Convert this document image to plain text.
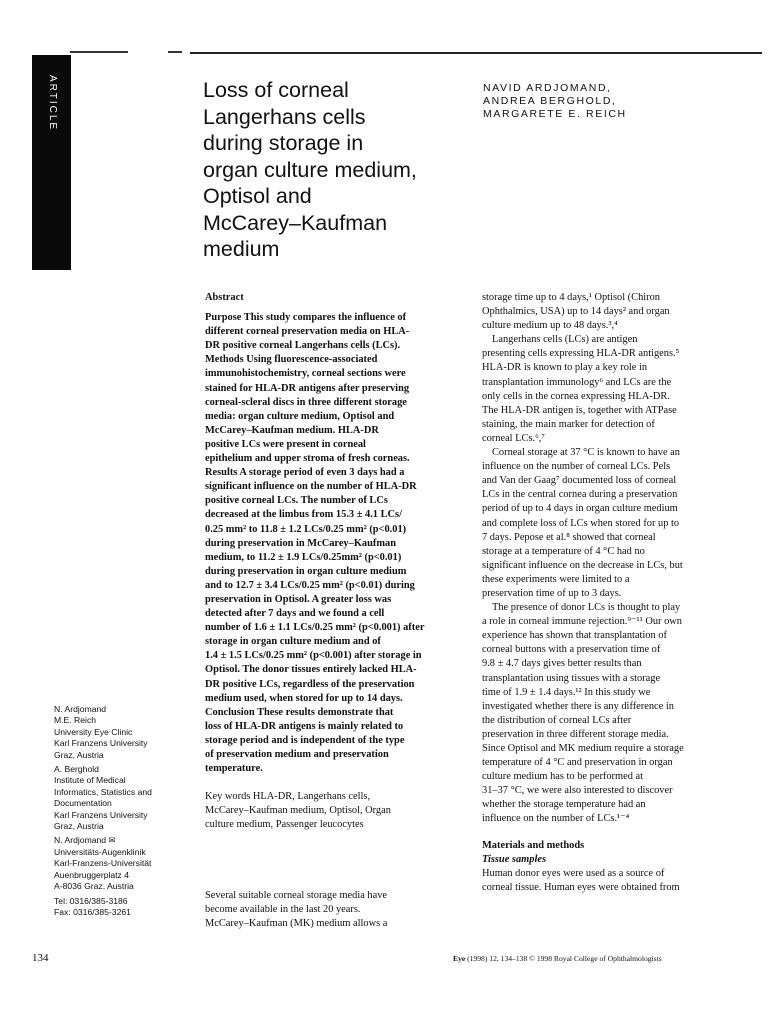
ARTICLE	Loss of corneal
Langerhans cells
during storage in
organ culture medium,
Optisol and
McCarey–Kaufman
medium
NAVID ARDJOMAND,
ANDREA BERGHOLD,
MARGARETE E. REICH
N. Ardjomand
M.E. Reich
University Eye Clinic
Karl Franzens University
Graz, Austria
A. Berghold
Institute of Medical
Informatics, Statistics and
Documentation
Karl Franzens University
Graz, Austria
N. Ardjomand ✉
Universitäts-Augenklinik
Karl-Franzens-Universität
Auenbruggerplatz 4
A-8036 Graz, Austria
Tel: 0316/385-3186
Fax: 0316/385-3261
Abstract
Purpose This study compares the influence of
different corneal preservation media on HLA-
DR positive corneal Langerhans cells (LCs).
Methods Using fluorescence-associated
immunohistochemistry, corneal sections were
stained for HLA-DR antigens after preserving
corneal-scleral discs in three different storage
media: organ culture medium, Optisol and
McCarey–Kaufman medium. HLA-DR
positive LCs were present in corneal
epithelium and upper stroma of fresh corneas.
Results A storage period of even 3 days had a
significant influence on the number of HLA-DR
positive corneal LCs. The number of LCs
decreased at the limbus from 15.3 ± 4.1 LCs/
0.25 mm² to 11.8 ± 1.2 LCs/0.25 mm² (p<0.01)
during preservation in McCarey–Kaufman
medium, to 11.2 ± 1.9 LCs/0.25mm² (p<0.01)
during preservation in organ culture medium
and to 12.7 ± 3.4 LCs/0.25 mm² (p<0.01) during
preservation in Optisol. A greater loss was
detected after 7 days and we found a cell
number of 1.6 ± 1.1 LCs/0.25 mm² (p<0.001) after
storage in organ culture medium and of
1.4 ± 1.5 LCs/0.25 mm² (p<0.001) after storage in
Optisol. The donor tissues entirely lacked HLA-
DR positive LCs, regardless of the preservation
medium used, when stored for up to 14 days.
Conclusion These results demonstrate that
loss of HLA-DR antigens is mainly related to
storage period and is independent of the type
of preservation medium and preservation
temperature.
Key words HLA-DR, Langerhans cells,
McCarey–Kaufman medium, Optisol, Organ
culture medium, Passenger leucocytes
Several suitable corneal storage media have
become available in the last 20 years.
McCarey–Kaufman (MK) medium allows a
storage time up to 4 days,¹ Optisol (Chiron
Ophthalmics, USA) up to 14 days² and organ
culture medium up to 48 days.³,⁴
Langerhans cells (LCs) are antigen
presenting cells expressing HLA-DR antigens.⁵
HLA-DR is known to play a key role in
transplantation immunology⁶ and LCs are the
only cells in the cornea expressing HLA-DR.
The HLA-DR antigen is, together with ATPase
staining, the main marker for detection of
corneal LCs.⁶,⁷
Corneal storage at 37 °C is known to have an
influence on the number of corneal LCs. Pels
and Van der Gaag⁷ documented loss of corneal
LCs in the central cornea during a preservation
period of up to 4 days in organ culture medium
and complete loss of LCs when stored for up to
7 days. Pepose et al.⁸ showed that corneal
storage at a temperature of 4 °C had no
significant influence on the decrease in LCs, but
these experiments were limited to a
preservation time of up to 3 days.
The presence of donor LCs is thought to play
a role in corneal immune rejection.⁹⁻¹¹ Our own
experience has shown that transplantation of
corneal buttons with a preservation time of
9.8 ± 4.7 days gives better results than
transplantation using tissues with a storage
time of 1.9 ± 1.4 days.¹² In this study we
investigated whether there is any difference in
the distribution of corneal LCs after
preservation in three different storage media.
Since Optisol and MK medium require a storage
temperature of 4 °C and preservation in organ
culture medium has to be performed at
31–37 °C, we were also interested to discover
whether the storage temperature had an
influence on the number of LCs.¹⁻⁴
Materials and methods
Tissue samples
Human donor eyes were used as a source of
corneal tissue. Human eyes were obtained from
134	Eye (1998) 12, 134–138 © 1998 Royal College of Ophthalmologists
